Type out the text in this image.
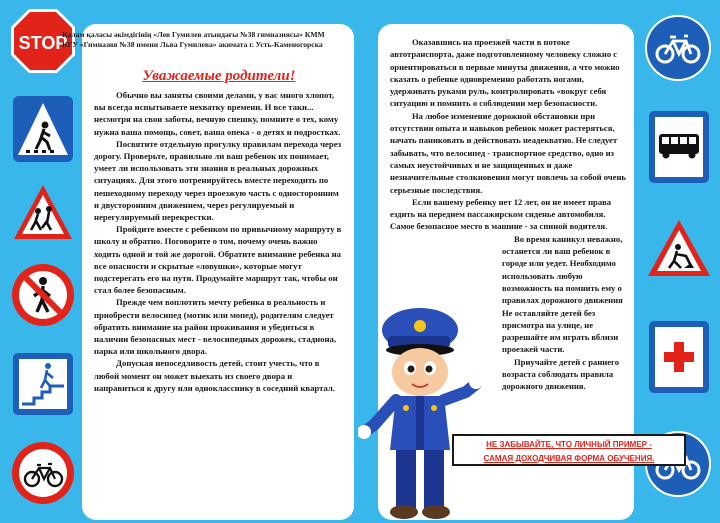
STOP
Уважаемые родители!

Обычно вы заняты своими делами, у вас много хлопот, вы всегда испытываете нехватку времени. И все таки... несмотря на свои заботы, вечную спешку, помните о тех, кому нужна ваша помощь, совет, ваша опека - о детях и подростках.

Посвятите отдельную прогулку правилам перехода через дорогу. Проверьте, правильно ли ваш ребенок их понимает, умеет ли использовать эти знания в реальных дорожных ситуациях. Для этого потренируйтесь вместе переходить по пешеходному переходу через проезжую часть с односторонним и двусторонним движением, через регулируемый и нерегулируемый перекрестки.

Пройдите вместе с ребенком по привычному маршруту в школу и обратно. Поговорите о том, почему очень важно ходить одной и той же дорогой. Обратите внимание ребенка на все опасности и скрытые «ловушки», которые могут подстерегать его на пути. Продумайте маршрут так, чтобы он стал более безопасным.

Прежде чем воплотить мечту ребенка в реальность и приобрести велосипед (мотик или мопед), родителям следует обратить внимание на район проживания и убедиться в наличии безопасных мест - велосипедных дорожек, стадиона, парка или школьного двора.

Допуская непоседливость детей, стоит учесть, что в любой момент он может выехать из своего двора и направиться к другу или однокласснику в соседний квартал.

Қалам қаласы әкімдігінің «Лев Гумилев атындағы №38 гимназиясы» КММ
КГУ «Гимназия №38 имени Льва Гумилева» акимата г. Усть-Каменогорска	Оказавшись на проезжей части в потоке автотранспорта, даже подготовленному человеку сложно с ориентироваться в первые минуты движения, а что можно сказать о ребенке одновременно работать ногами, удерживать руками руль, контролировать «вокруг себя ситуацию и помнить о соблюдении мер безопасности.

На любое изменение дорожной обстановки при отсутствии опыта и навыков ребенок может растеряться, начать паниковать и действовать неадекватно. Не следует забывать, что велосипед - транспортное средство, одно из самых неустойчивых и не защищенных и даже незначительные столкновения могут повлечь за собой очень серьезные последствия.

Если вашему ребенку нет 12 лет, он не имеет права ездить на переднем пассажирском сиденье автомобиля. Самое безопасное место в машине - за спиной водителя.

Во время каникул неважно, останется ли ваш ребенок в городе или уедет. Необходимо использовать любую возможность на помнить ему о правилах дорожного движения Не оставляйте детей без присмотра на улице, не разрешайте им играть вблизи проезжей части.

Приучайте детей с раннего возраста соблюдать правила дорожного движения.

НЕ ЗАБЫВАЙТЕ, ЧТО ЛИЧНЫЙ ПРИМЕР -
САМАЯ ДОХОДЧИВАЯ ФОРМА ОБУЧЕНИЯ.
